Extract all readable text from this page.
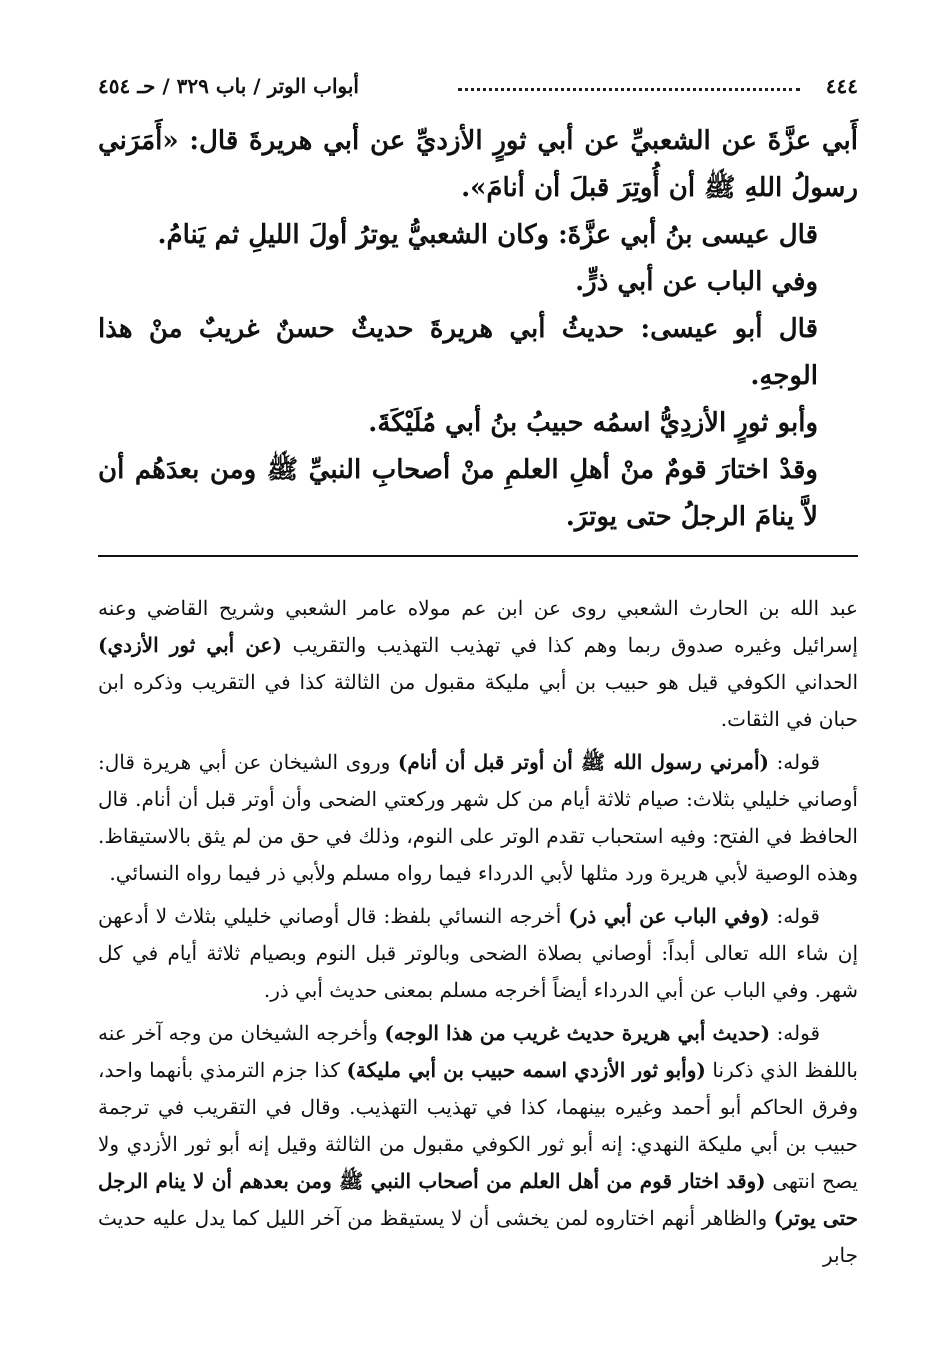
٤٤٤
أبواب الوتر / باب ٣٢٩ / حـ ٤٥٤

أَبي عزَّةَ عن الشعبيِّ عن أبي ثورٍ الأزديِّ عن أبي هريرةَ قال: «أَمَرَني رسولُ اللهِ ﷺ أن أُوتِرَ قبلَ أن أنامَ».

قال عيسى بنُ أبي عزَّةَ: وكان الشعبيُّ يوترُ أولَ الليلِ ثم يَنامُ.

وفي الباب عن أبي ذرٍّ.

قال أبو عيسى: حديثُ أبي هريرةَ حديثٌ حسنٌ غريبٌ منْ هذا الوجهِ.

وأبو ثورٍ الأزدِيُّ اسمُه حبيبُ بنُ أبي مُلَيْكَةَ.

وقدْ اختارَ قومٌ منْ أهلِ العلمِ منْ أصحابِ النبيِّ ﷺ ومن بعدَهُم أن لاَّ ينامَ الرجلُ حتى يوترَ.

عبد الله بن الحارث الشعبي روى عن ابن عم مولاه عامر الشعبي وشريح القاضي وعنه إسرائيل وغيره صدوق ربما وهم كذا في تهذيب التهذيب والتقريب (عن أبي ثور الأزدي) الحداني الكوفي قيل هو حبيب بن أبي مليكة مقبول من الثالثة كذا في التقريب وذكره ابن حبان في الثقات.

قوله: (أمرني رسول الله ﷺ أن أوتر قبل أن أنام) وروى الشيخان عن أبي هريرة قال: أوصاني خليلي بثلاث: صيام ثلاثة أيام من كل شهر وركعتي الضحى وأن أوتر قبل أن أنام. قال الحافظ في الفتح: وفيه استحباب تقدم الوتر على النوم، وذلك في حق من لم يثق بالاستيقاظ. وهذه الوصية لأبي هريرة ورد مثلها لأبي الدرداء فيما رواه مسلم ولأبي ذر فيما رواه النسائي.

قوله: (وفي الباب عن أبي ذر) أخرجه النسائي بلفظ: قال أوصاني خليلي بثلاث لا أدعهن إن شاء الله تعالى أبداً: أوصاني بصلاة الضحى وبالوتر قبل النوم وبصيام ثلاثة أيام في كل شهر. وفي الباب عن أبي الدرداء أيضاً أخرجه مسلم بمعنى حديث أبي ذر.

قوله: (حديث أبي هريرة حديث غريب من هذا الوجه) وأخرجه الشيخان من وجه آخر عنه باللفظ الذي ذكرنا (وأبو ثور الأزدي اسمه حبيب بن أبي مليكة) كذا جزم الترمذي بأنهما واحد، وفرق الحاكم أبو أحمد وغيره بينهما، كذا في تهذيب التهذيب. وقال في التقريب في ترجمة حبيب بن أبي مليكة النهدي: إنه أبو ثور الكوفي مقبول من الثالثة وقيل إنه أبو ثور الأزدي ولا يصح انتهى (وقد اختار قوم من أهل العلم من أصحاب النبي ﷺ ومن بعدهم أن لا ينام الرجل حتى يوتر) والظاهر أنهم اختاروه لمن يخشى أن لا يستيقظ من آخر الليل كما يدل عليه حديث جابر
